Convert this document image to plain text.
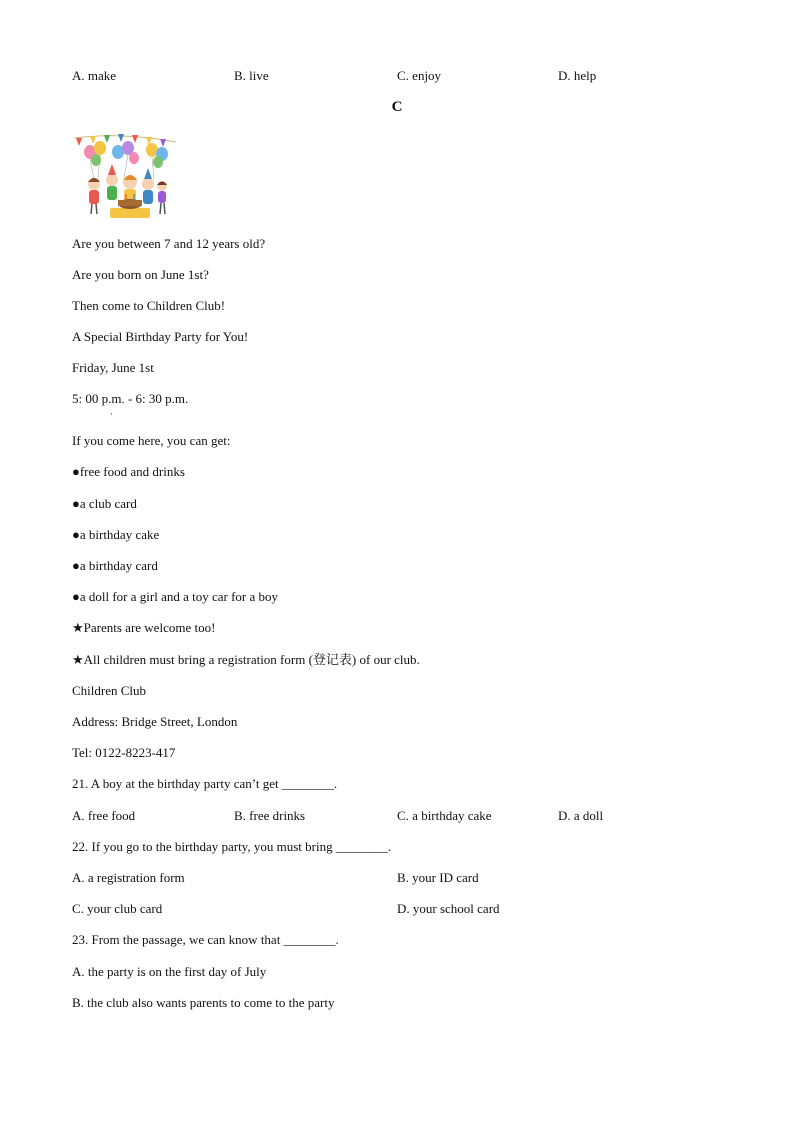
A. make	B. live	C. enjoy	D. help
C
Are you between 7 and 12 years old?
Are you born on June 1st?
Then come to Children Club!
A Special Birthday Party for You!
Friday, June 1st
5: 00 p.m. - 6: 30 p.m.
·
If you come here, you can get:
●free food and drinks
●a club card
●a birthday cake
●a birthday card
●a doll for a girl and a toy car for a boy
★Parents are welcome too!
★All children must bring a registration form (登记表) of our club.
Children Club
Address: Bridge Street, London
Tel: 0122-8223-417
21. A boy at the birthday party can’t get ________.
A. free food	B. free drinks	C. a birthday cake	D. a doll
22. If you go to the birthday party, you must bring ________.
A. a registration form	B. your ID card
C. your club card	D. your school card
23. From the passage, we can know that ________.
A. the party is on the first day of July
B. the club also wants parents to come to the party
